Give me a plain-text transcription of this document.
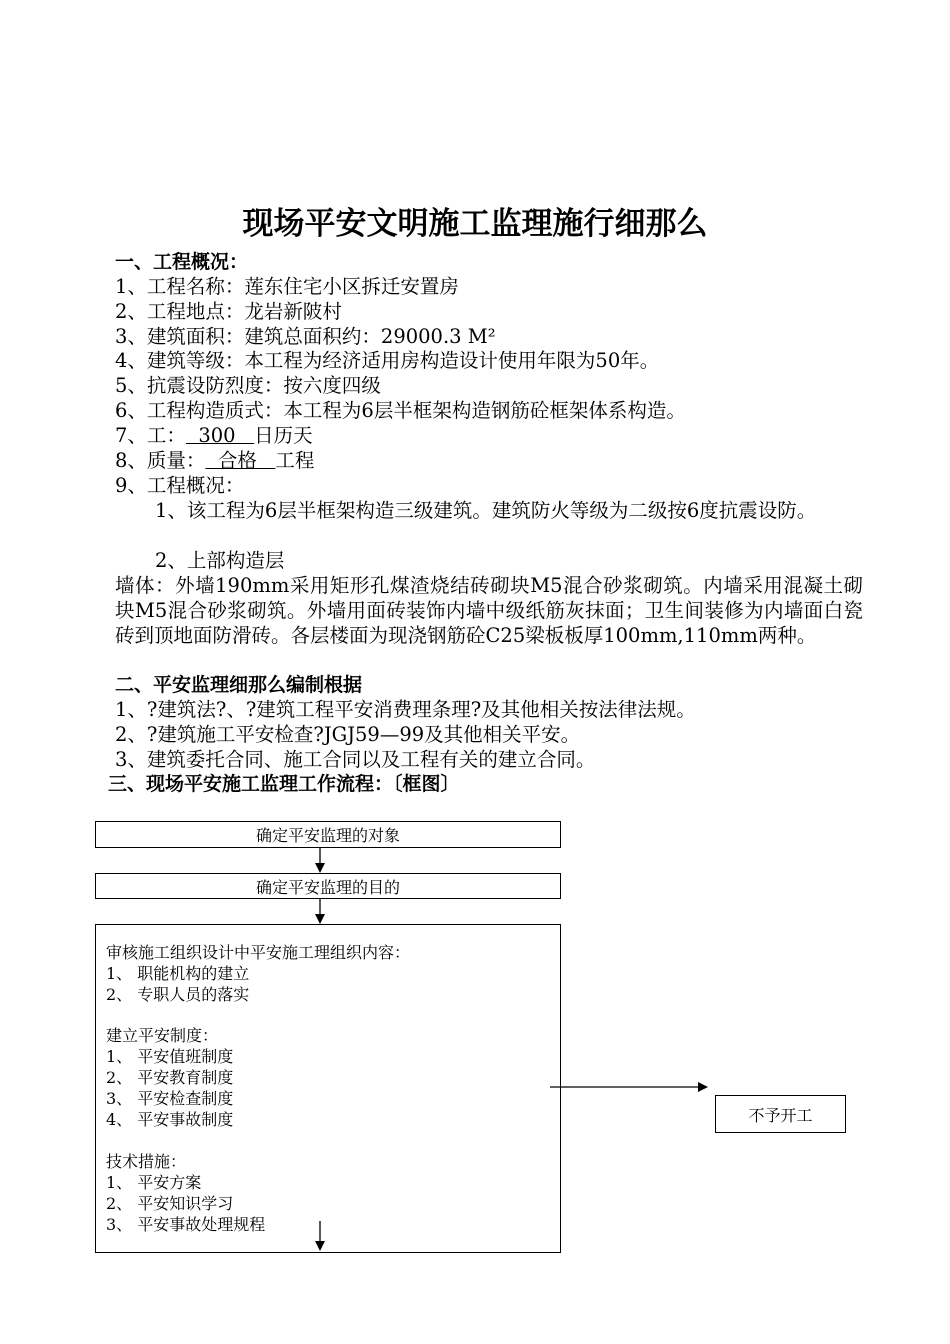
现场平安文明施工监理施行细那么

一、工程概况：

1、工程名称：莲东住宅小区拆迁安置房

2、工程地点：龙岩新陂村

3、建筑面积：建筑总面积约：29000.3 M²

4、建筑等级：本工程为经济适用房构造设计使用年限为50年。

5、抗震设防烈度：按六度四级

6、工程构造质式：本工程为6层半框架构造钢筋砼框架体系构造。

7、工：  300   日历天

8、质量：  合格   工程

9、工程概况：

1、该工程为6层半框架构造三级建筑。建筑防火等级为二级按6度抗震设防。

2、上部构造层

墙体：外墙190mm采用矩形孔煤渣烧结砖砌块M5混合砂浆砌筑。内墙采用混凝土砌块M5混合砂浆砌筑。外墙用面砖装饰内墙中级纸筋灰抹面；卫生间装修为内墙面白瓷砖到顶地面防滑砖。各层楼面为现浇钢筋砼C25梁板板厚100mm,110mm两种。

二、平安监理细那么编制根据

1、?建筑法?、?建筑工程平安消费理条理?及其他相关按法律法规。

2、?建筑施工平安检查?JGJ59—99及其他相关平安。

3、建筑委托合同、施工合同以及工程有关的建立合同。

三、现场平安施工监理工作流程：〔框图〕

确定平安监理的对象
确定平安监理的目的
审核施工组织设计中平安施工理组织内容：
1、 职能机构的建立
2、 专职人员的落实
建立平安制度：
1、 平安值班制度
2、 平安教育制度
3、 平安检查制度
4、 平安事故制度
技术措施：
1、 平安方案
2、 平安知识学习
3、 平安事故处理规程
不予开工
